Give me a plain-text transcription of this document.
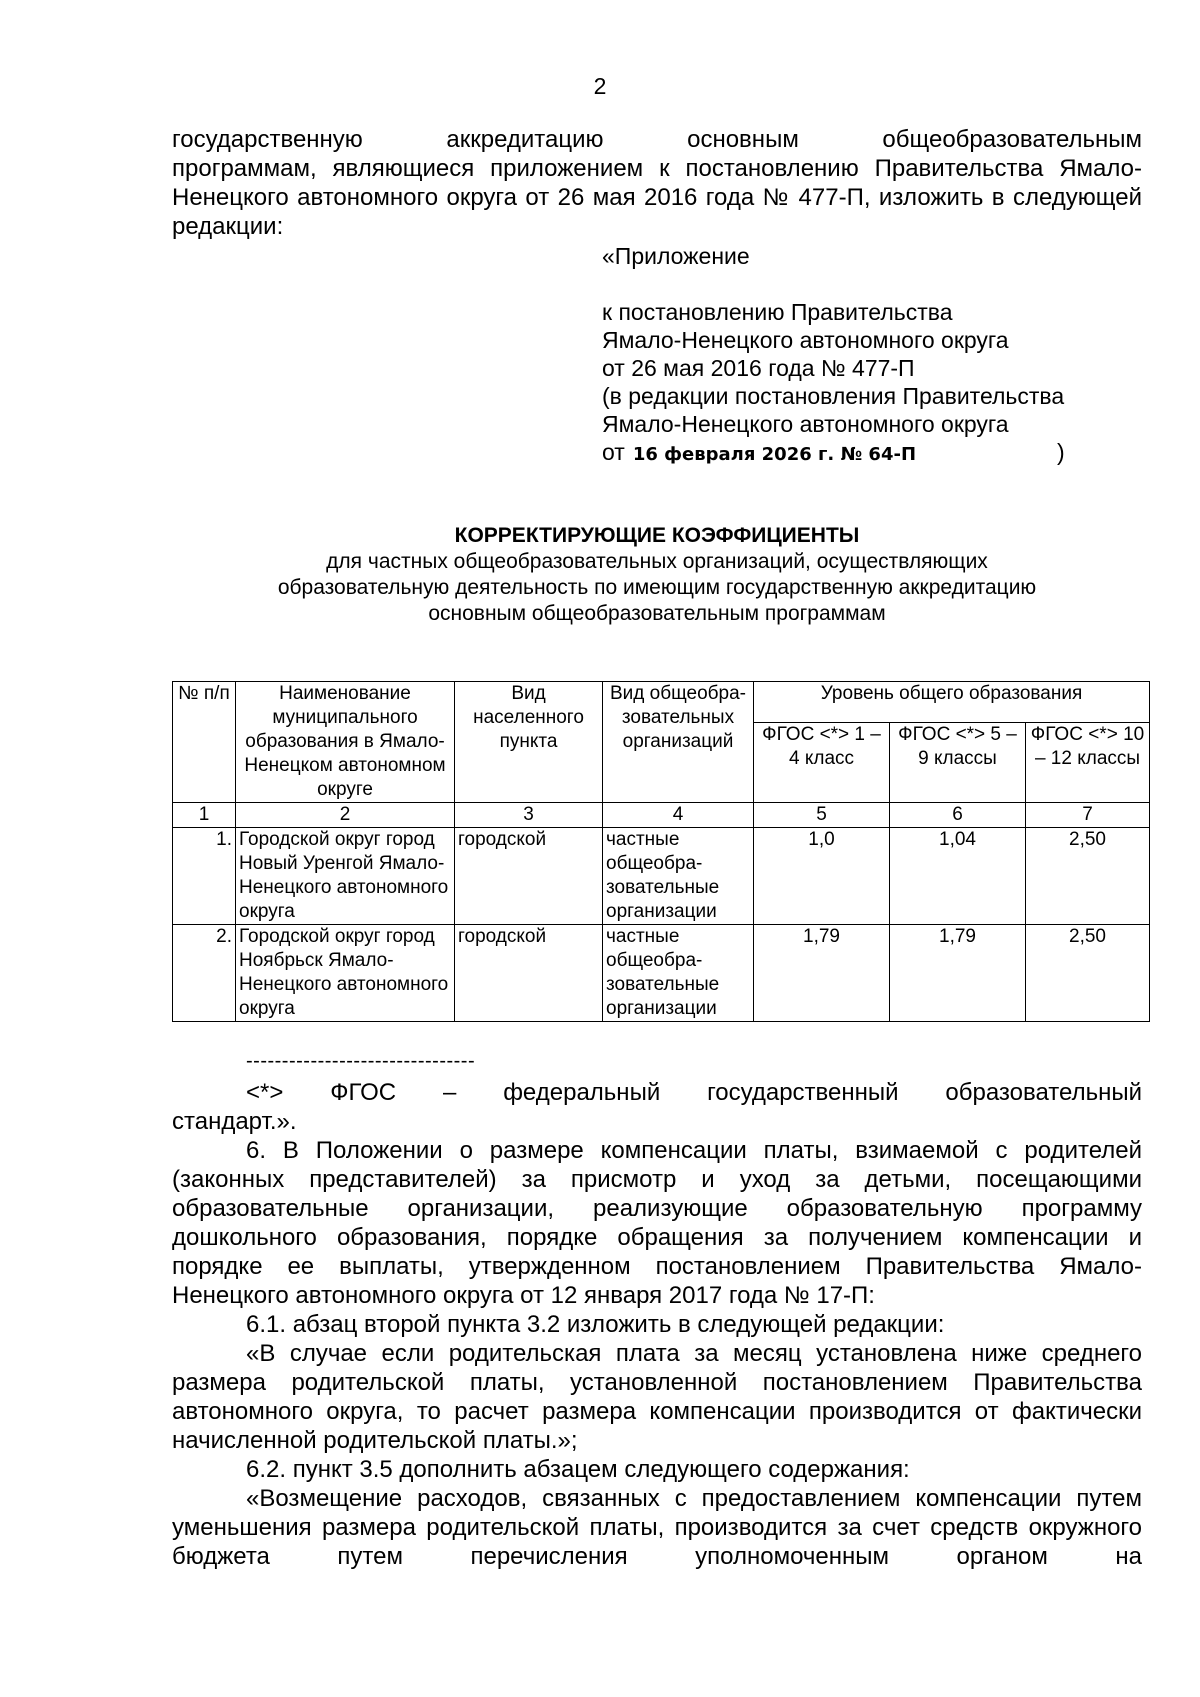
2
государственную аккредитацию основным общеобразовательным
программам, являющиеся приложением к постановлению Правительства Ямало-Ненецкого автономного округа от 26 мая 2016 года № 477-П, изложить в следующей редакции:
«Приложение
к постановлению Правительства
Ямало-Ненецкого автономного округа
от 26 мая 2016 года № 477-П
(в редакции постановления Правительства
Ямало-Ненецкого автономного округа
от 16 февраля 2026 г. № 64-П	)
КОРРЕКТИРУЮЩИЕ КОЭФФИЦИЕНТЫ
для частных общеобразовательных организаций, осуществляющих
образовательную деятельность по имеющим государственную аккредитацию
основным общеобразовательным программам
№ п/п	Наименование муниципального образования в Ямало-Ненецком автономном округе	Вид населенного пункта	Вид общеобра-зовательных организаций	Уровень общего образования		
				ФГОС <*> 1 – 4 класс	ФГОС <*> 5 – 9 классы	ФГОС <*> 10 – 12 классы
1	2	3	4	5	6	7
1.	Городской округ город Новый Уренгой Ямало-Ненецкого автономного округа	городской	частные общеобра-зовательные организации	1,0	1,04	2,50
2.	Городской округ город Ноябрьск Ямало-Ненецкого автономного округа	городской	частные общеобра-зовательные организации	1,79	1,79	2,50
--------------------------------
<*> ФГОС – федеральный государственный образовательный
стандарт.».
6. В Положении о размере компенсации платы, взимаемой с родителей (законных представителей) за присмотр и уход за детьми, посещающими образовательные организации, реализующие образовательную программу дошкольного образования, порядке обращения за получением компенсации и порядке ее выплаты, утвержденном постановлением Правительства Ямало-Ненецкого автономного округа от 12 января 2017 года № 17-П:
6.1. абзац второй пункта 3.2 изложить в следующей редакции:
«В случае если родительская плата за месяц установлена ниже среднего размера родительской платы, установленной постановлением Правительства автономного округа, то расчет размера компенсации производится от фактически начисленной родительской платы.»;
6.2. пункт 3.5 дополнить абзацем следующего содержания:
«Возмещение расходов, связанных с предоставлением компенсации путем уменьшения размера родительской платы, производится за счет средств окружного бюджета путем перечисления уполномоченным органом на
